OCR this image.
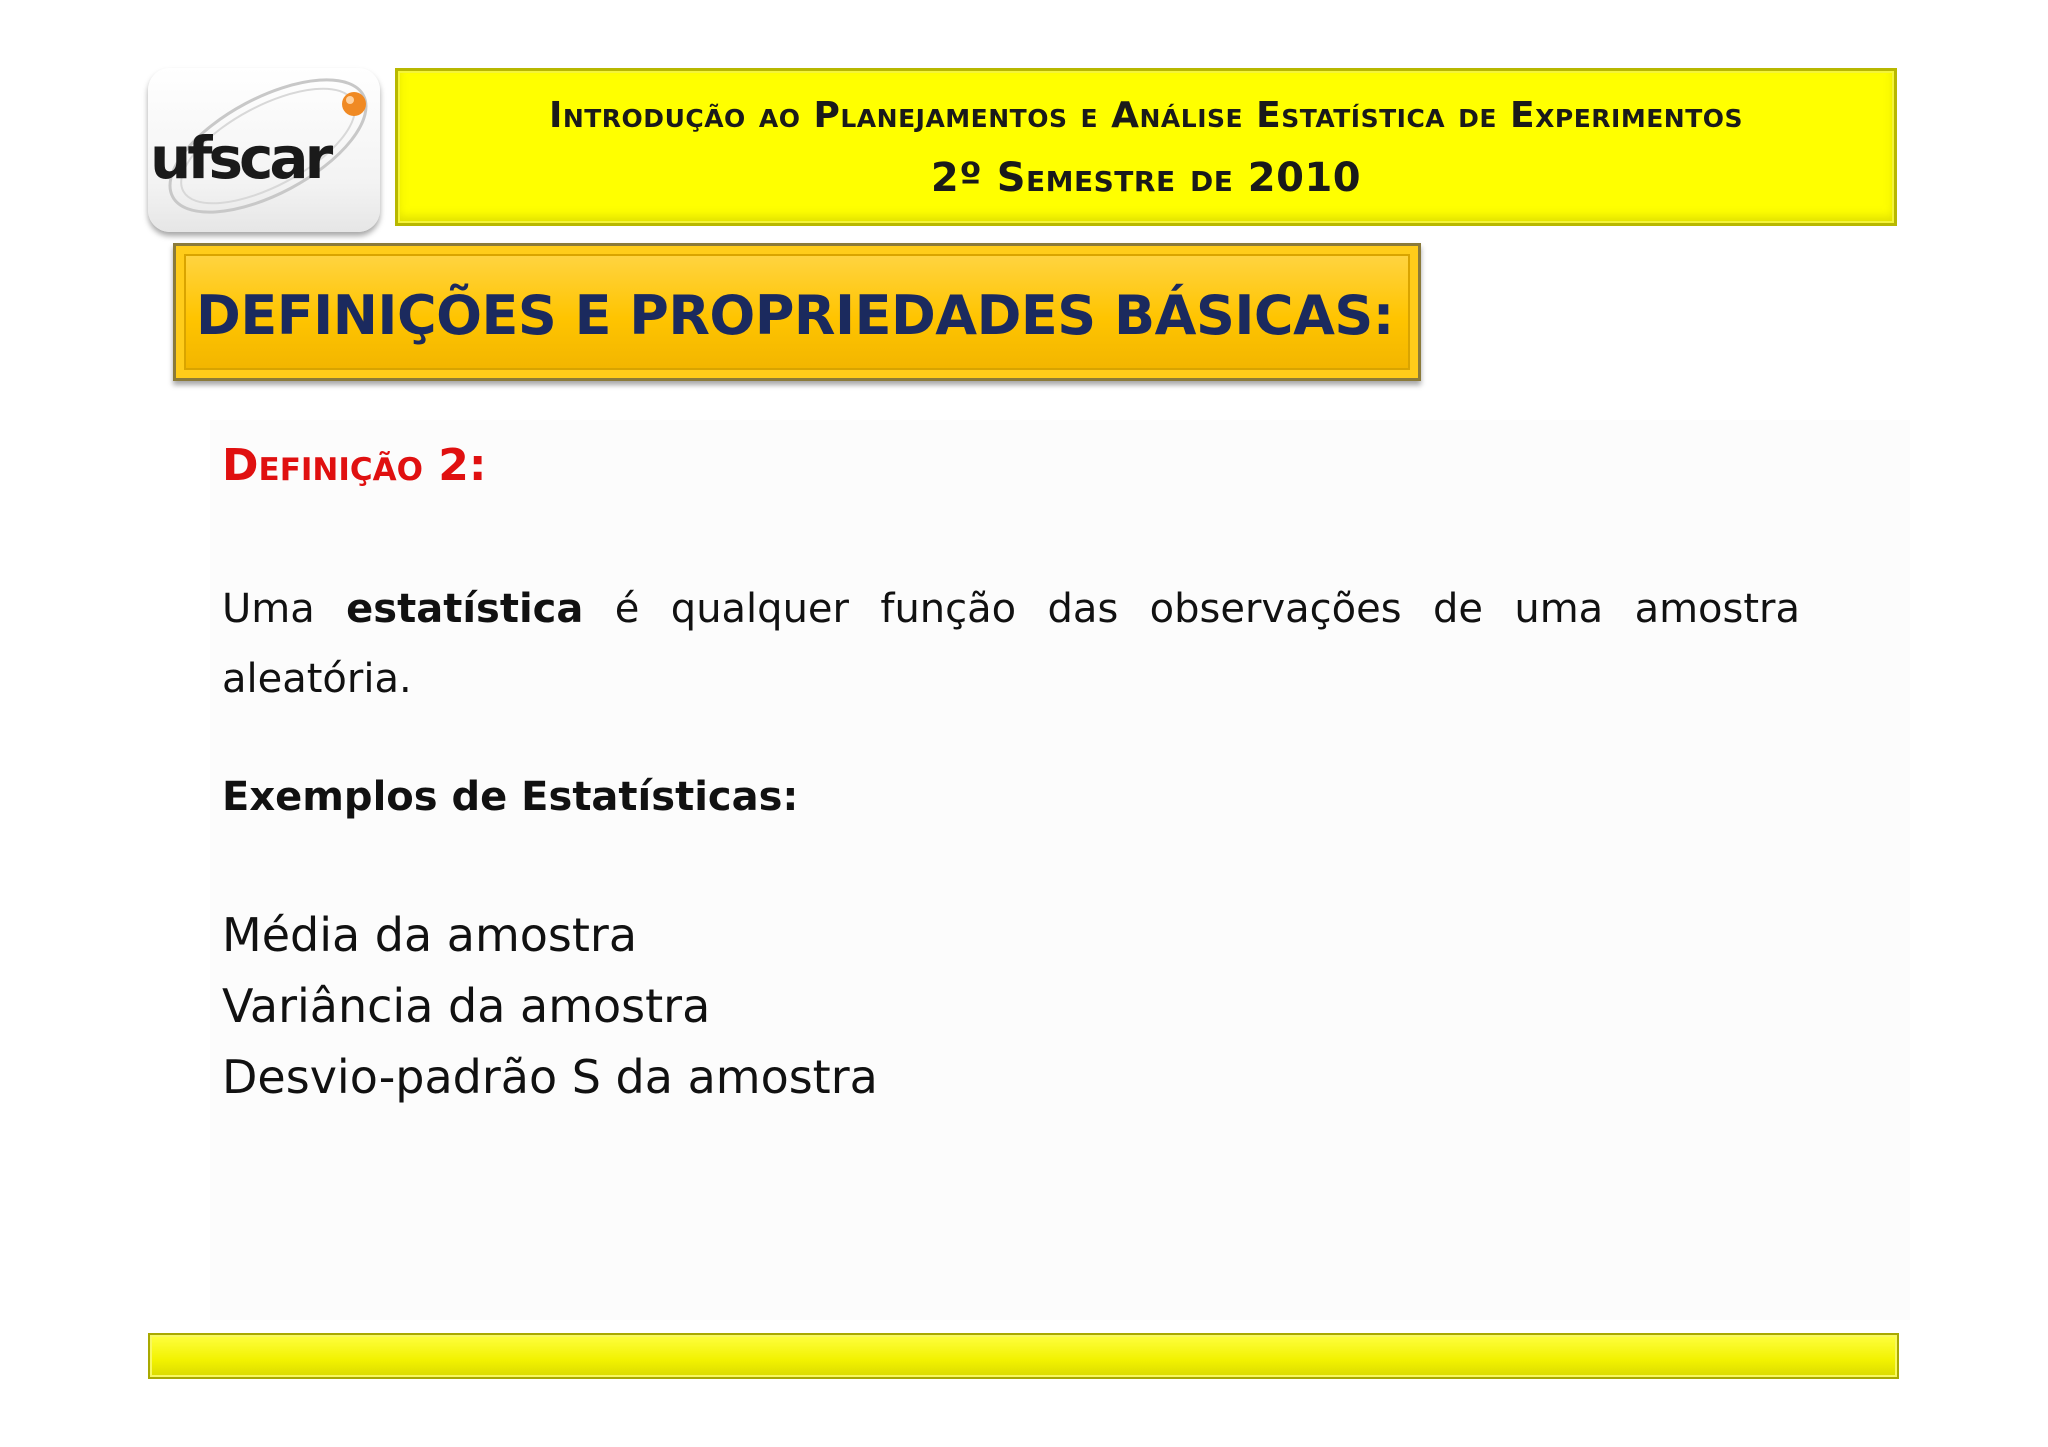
ufscar
Introdução ao Planejamentos e Análise Estatística de Experimentos
2º Semestre de 2010
DEFINIÇÕES E PROPRIEDADES BÁSICAS:
Definição 2:
Uma estatística é qualquer função das observações de uma amostra aleatória.
Exemplos de Estatísticas:
Média da amostra
Variância da amostra
Desvio-padrão S da amostra
